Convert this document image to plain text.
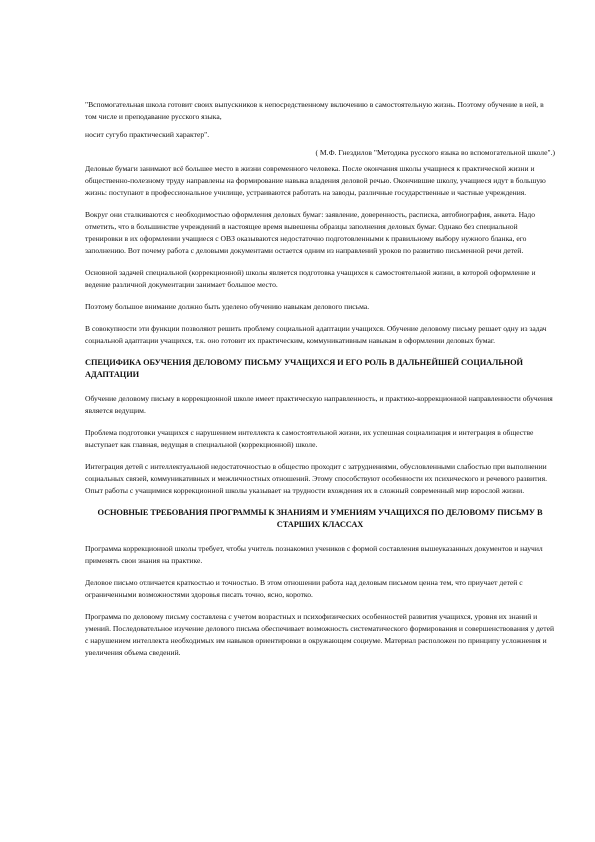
"Вспомогательная школа готовит своих выпускников к непосредственному включению в самостоятельную жизнь. Поэтому обучение в ней, в том числе и преподавание русского языка,

носит сугубо практический характер".

( М.Ф. Гнездилов "Методика русского языка во вспомогательной школе".)

Деловые бумаги занимают всё большее место в жизни современного человека. После окончания школы учащиеся к практической жизни и общественно-полезному труду направлены на формирование навыка владения деловой речью. Окончившие школу, учащиеся идут в большую жизнь: поступают в профессиональное училище, устраиваются работать на заводы, различные государственные и частные учреждения.

Вокруг они сталкиваются с необходимостью оформления деловых бумаг: заявление, доверенность, расписка, автобиография, анкета. Надо отметить, что в большинстве учреждений в настоящее время вывешены образцы заполнения деловых бумаг. Однако без специальной тренировки в их оформлении учащиеся с ОВЗ оказываются недостаточно подготовленными к правильному выбору нужного бланка, его заполнению. Вот почему работа с деловыми документами остается одним из направлений уроков по развитию письменной речи детей.

Основной задачей специальной (коррекционной) школы является подготовка учащихся к самостоятельной жизни, в которой оформление и ведение различной документации занимает большое место.

Поэтому большое внимание должно быть уделено обучению навыкам делового письма.

В совокупности эти функции позволяют решить проблему социальной адаптации учащихся. Обучение деловому письму решает одну из задач социальной адаптации учащихся, т.к. оно готовит их практическим, коммуникативным навыкам в оформлении деловых бумаг.

СПЕЦИФИКА ОБУЧЕНИЯ ДЕЛОВОМУ ПИСЬМУ УЧАЩИХСЯ И ЕГО РОЛЬ В ДАЛЬНЕЙШЕЙ СОЦИАЛЬНОЙ АДАПТАЦИИ

Обучение деловому письму в коррекционной школе имеет практическую направленность, и практико-коррекционной направленности обучения является ведущим.

Проблема подготовки учащихся с нарушением интеллекта к самостоятельной жизни, их успешная социализация и интеграция в обществе выступает как главная, ведущая в специальной (коррекционной) школе.

Интеграция детей с интеллектуальной недостаточностью в общество проходит с затруднениями, обусловленными слабостью при выполнении социальных связей, коммуникативных и межличностных отношений. Этому способствуют особенности их психического и речевого развития. Опыт работы с учащимися коррекционной школы указывает на трудности вхождения их в сложный современный мир взрослой жизни.

ОСНОВНЫЕ ТРЕБОВАНИЯ ПРОГРАММЫ К ЗНАНИЯМ И УМЕНИЯМ УЧАЩИХСЯ ПО ДЕЛОВОМУ ПИСЬМУ В СТАРШИХ КЛАССАХ

Программа коррекционной школы требует, чтобы учитель познакомил учеников с формой составления вышеуказанных документов и научил применять свои знания на практике.

Деловое письмо отличается краткостью и точностью. В этом отношении работа над деловым письмом ценна тем, что приучает детей с ограниченными возможностями здоровья писать точно, ясно, коротко.

Программа по деловому письму составлена с учетом возрастных и психофизических особенностей развития учащихся, уровня их знаний и умений. Последовательное изучение делового письма обеспечивает возможность систематического формирования и совершенствования у детей с нарушением интеллекта необходимых им навыков ориентировки в окружающем социуме. Материал расположен по принципу усложнения и увеличения объема сведений.
